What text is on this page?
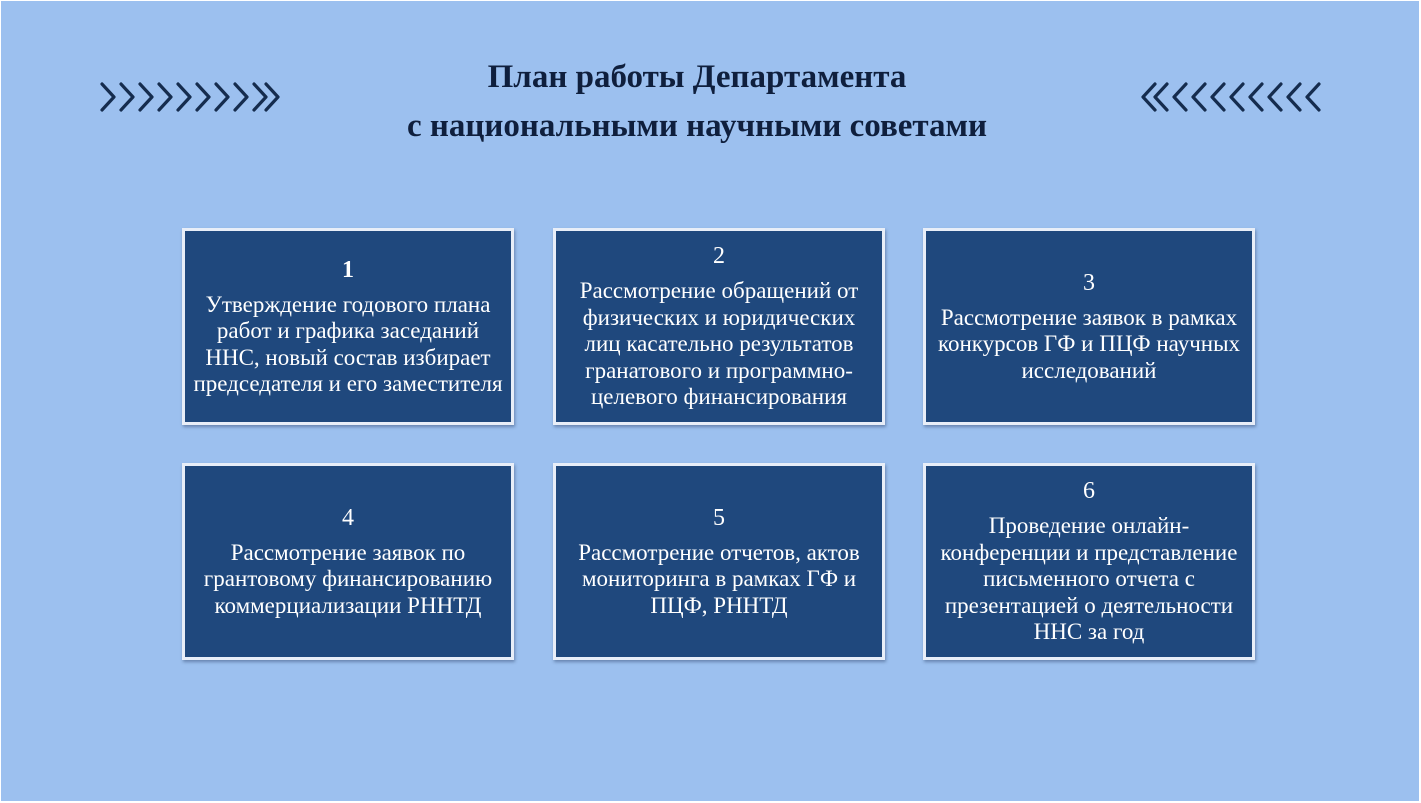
План работы Департамента
с национальными научными советами
1
Утверждение годового плана работ и графика заседаний ННС, новый состав избирает председателя и его заместителя
2
Рассмотрение обращений от физических и юридических лиц касательно результатов гранатового и программно-целевого финансирования
3
Рассмотрение заявок в рамках конкурсов ГФ и ПЦФ научных исследований
4
Рассмотрение заявок по грантовому финансированию коммерциализации РННТД
5
Рассмотрение отчетов, актов мониторинга в рамках ГФ и ПЦФ, РННТД
6
Проведение онлайн-конференции и представление письменного отчета с презентацией о деятельности ННС за год
